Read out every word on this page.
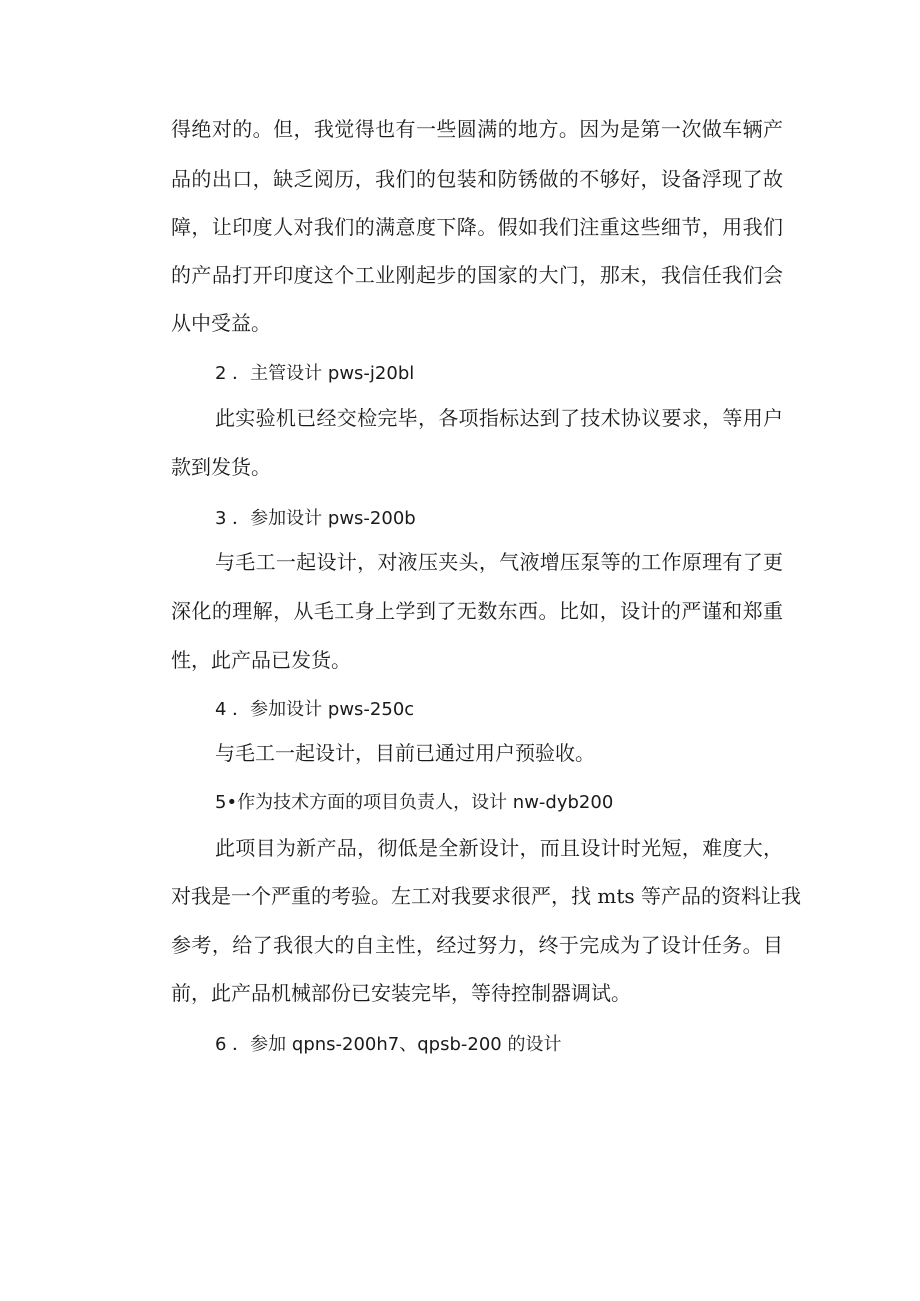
得绝对的。但，我觉得也有一些圆满的地方。因为是第一次做车辆产
品的出口，缺乏阅历，我们的包装和防锈做的不够好，设备浮现了故
障，让印度人对我们的满意度下降。假如我们注重这些细节，用我们
的产品打开印度这个工业刚起步的国家的大门，那末，我信任我们会
从中受益。
2 ．主管设计 pws-j20bl
此实验机已经交检完毕，各项指标达到了技术协议要求，等用户
款到发货。
3 ．参加设计 pws-200b
与毛工一起设计，对液压夹头，气液增压泵等的工作原理有了更
深化的理解，从毛工身上学到了无数东西。比如，设计的严谨和郑重
性，此产品已发货。
4 ．参加设计 pws-250c
与毛工一起设计，目前已通过用户预验收。
5•作为技术方面的项目负责人，设计 nw-dyb200
此项目为新产品，彻低是全新设计，而且设计时光短，难度大，
对我是一个严重的考验。左工对我要求很严，找 mts 等产品的资料让我
参考，给了我很大的自主性，经过努力，终于完成为了设计任务。目
前，此产品机械部份已安装完毕，等待控制器调试。
6 ．参加 qpns-200h7、qpsb-200 的设计
